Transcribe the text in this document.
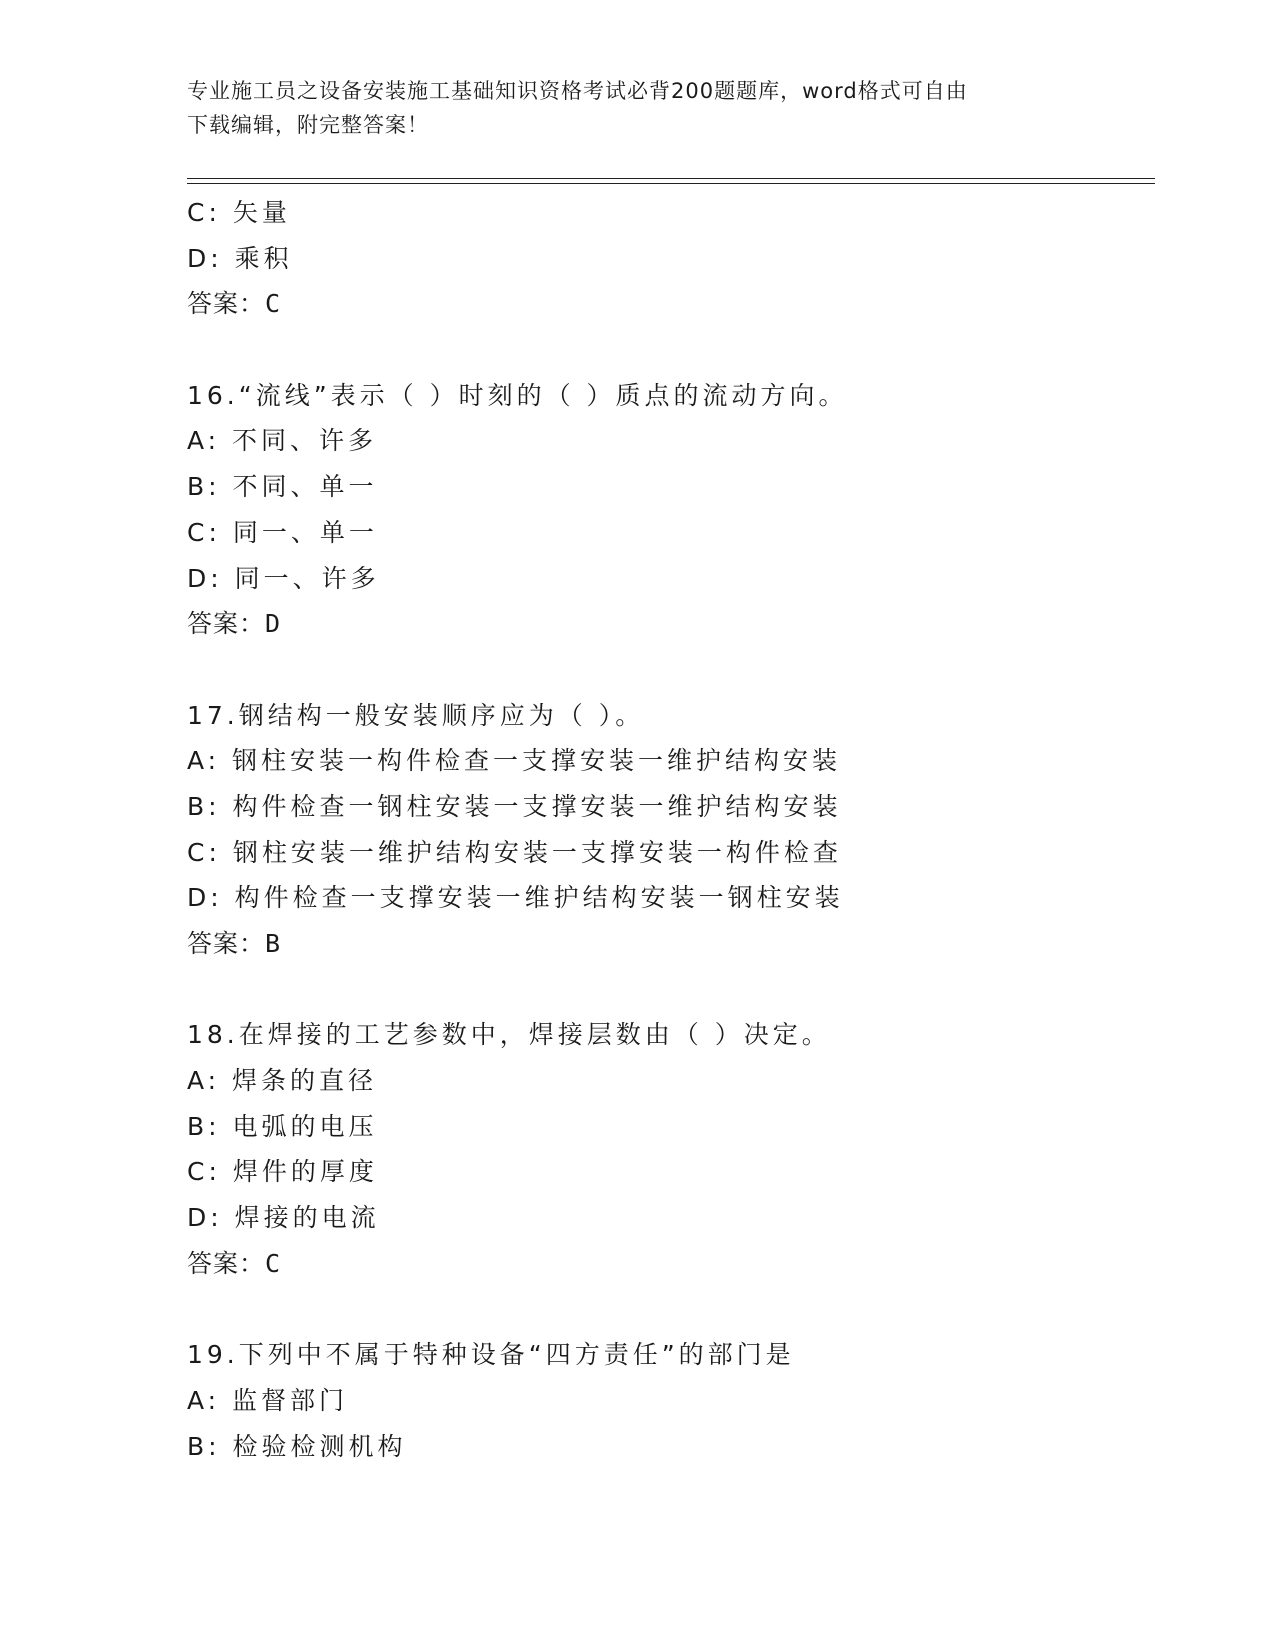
专业施工员之设备安装施工基础知识资格考试必背200题题库，word格式可自由

下载编辑，附完整答案！

C: 矢量
D: 乘积
答案：C
16.“流线”表示（ ）时刻的（ ）质点的流动方向。
A: 不同、许多
B: 不同、单一
C: 同一、单一
D: 同一、许多
答案：D
17.钢结构一般安装顺序应为（ ）。
A: 钢柱安装一构件检查一支撑安装一维护结构安装
B: 构件检查一钢柱安装一支撑安装一维护结构安装
C: 钢柱安装一维护结构安装一支撑安装一构件检查
D: 构件检查一支撑安装一维护结构安装一钢柱安装
答案：B
18.在焊接的工艺参数中，焊接层数由（ ）决定。
A: 焊条的直径
B: 电弧的电压
C: 焊件的厚度
D: 焊接的电流
答案：C
19.下列中不属于特种设备“四方责任”的部门是
A: 监督部门
B: 检验检测机构
